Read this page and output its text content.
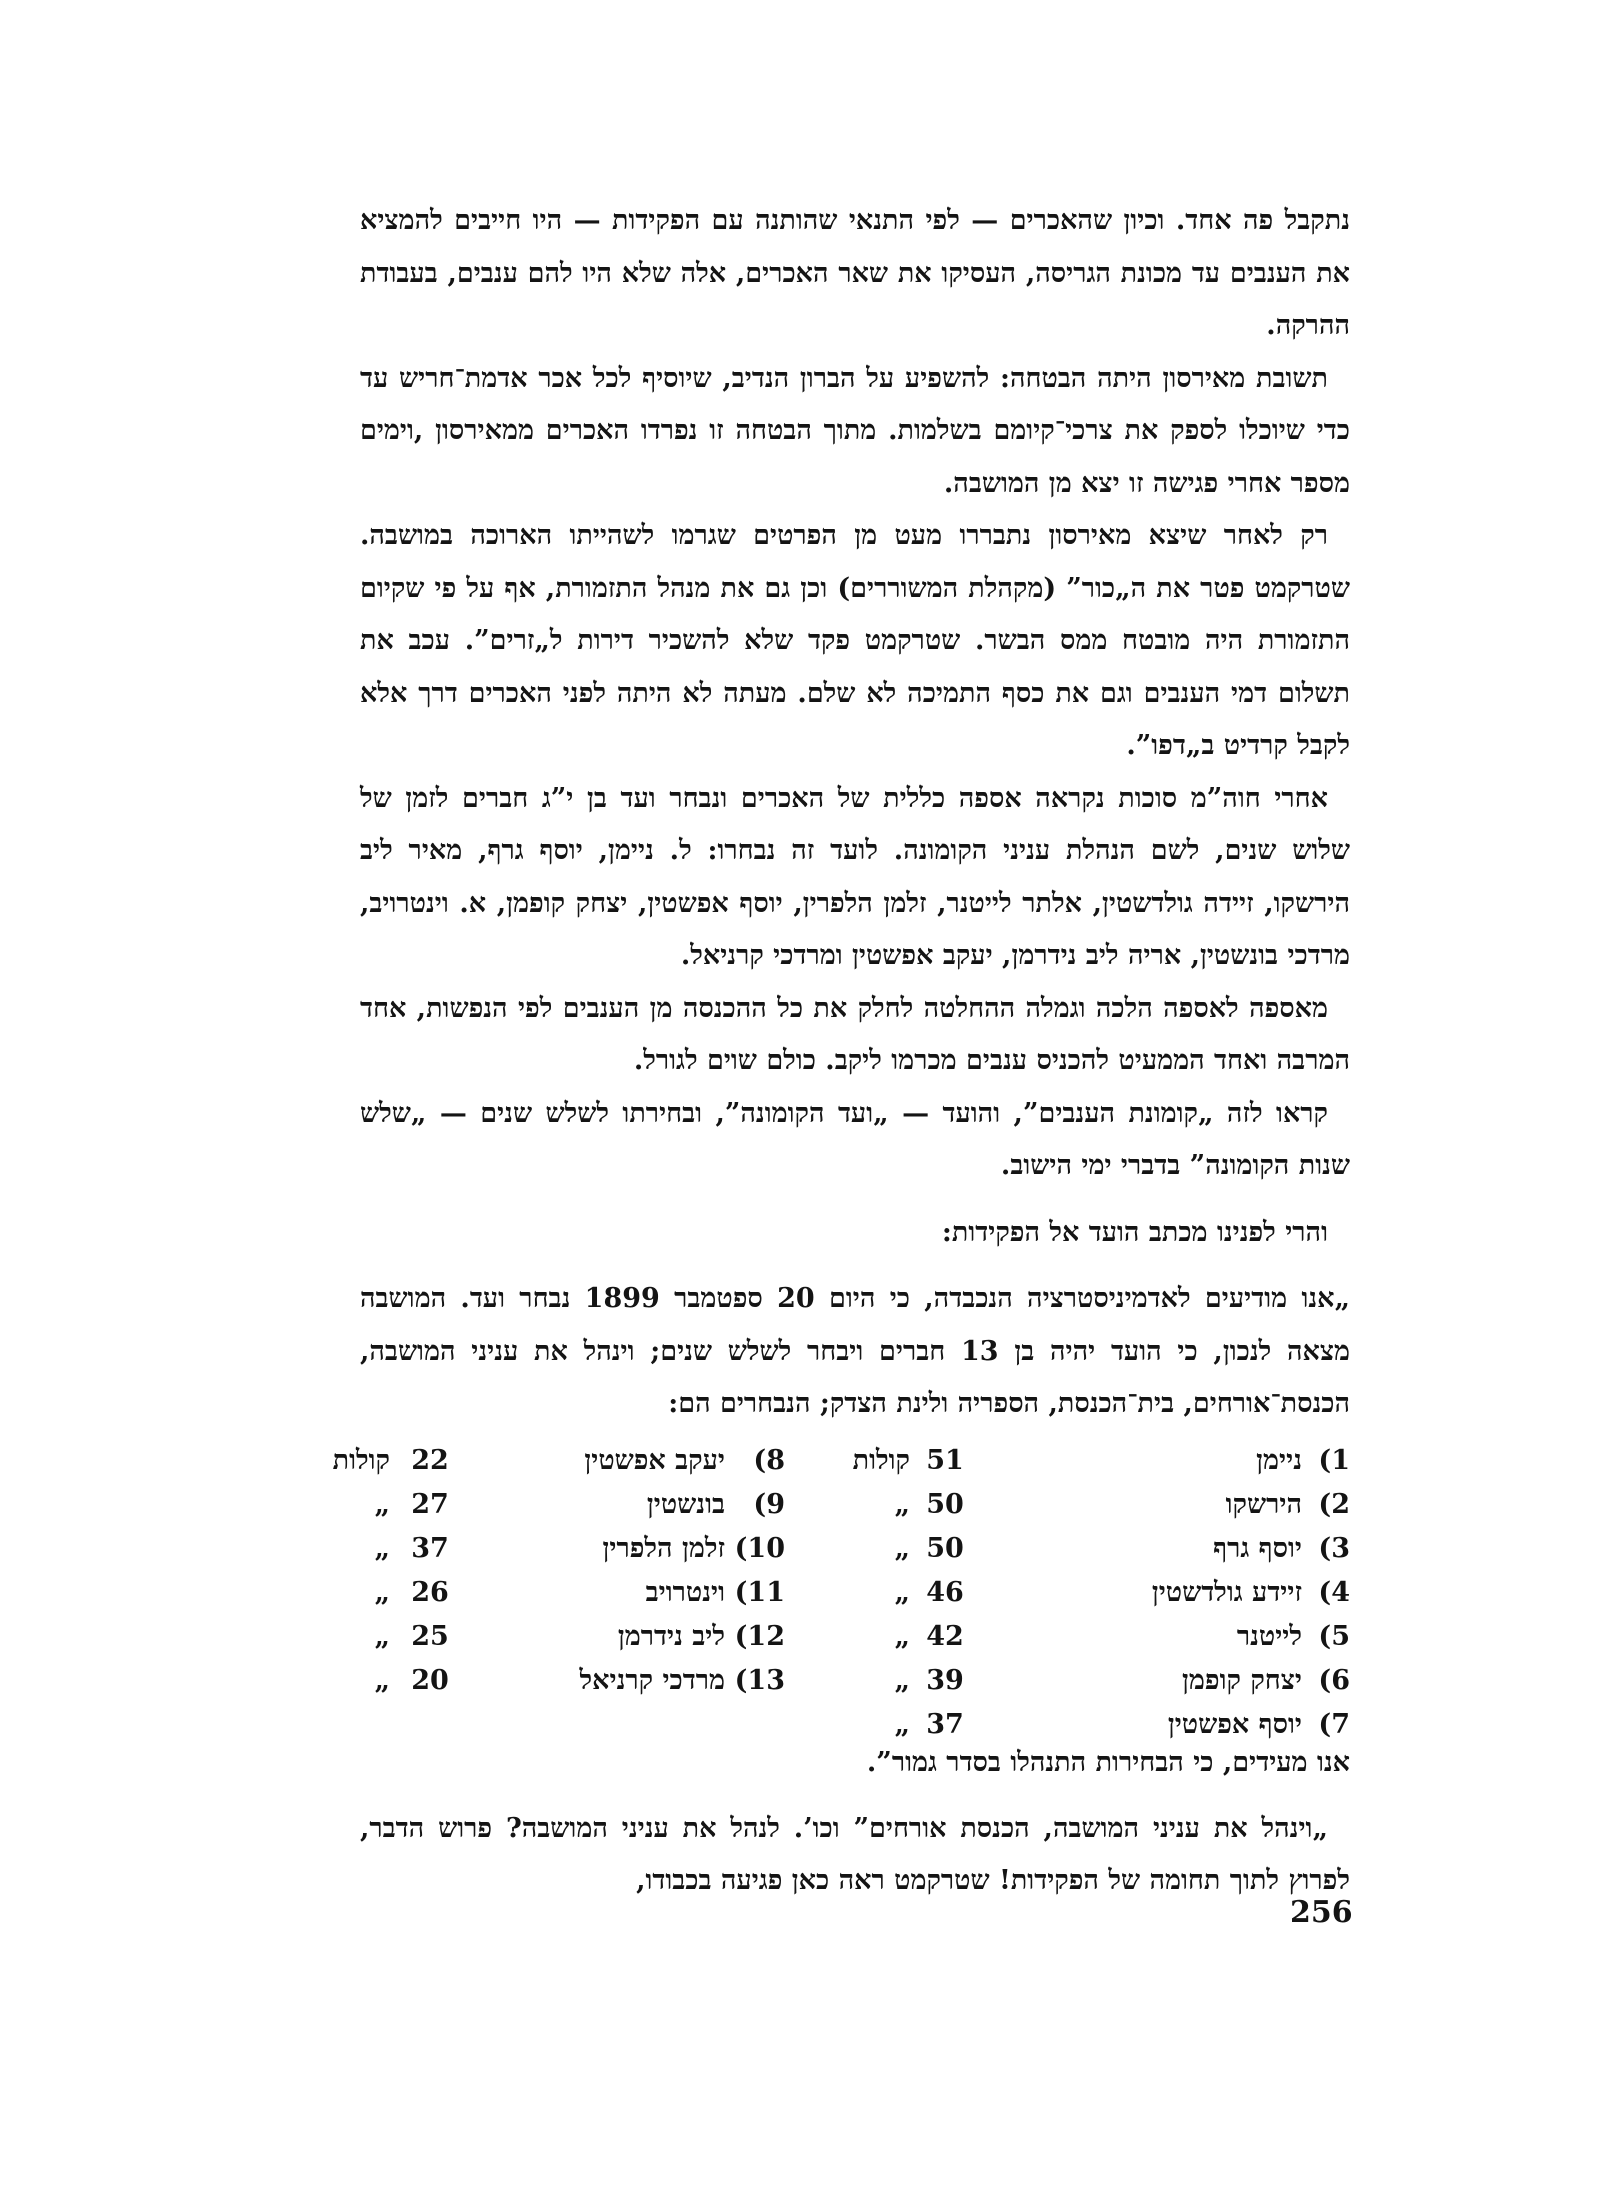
נתקבל פה אחד. וכיון שהאכרים — לפי התנאי שהותנה עם הפקידות — היו חייבים להמציא את הענבים עד מכונת הגריסה, העסיקו את שאר האכרים, אלה שלא היו להם ענבים, בעבודת ההרקה.

תשובת מאירסון היתה הבטחה: להשפיע על הברון הנדיב, שיוסיף לכל אכר אדמת־חריש עד כדי שיוכלו לספק את צרכי־קיומם בשלמות. מתוך הבטחה זו נפרדו האכרים ממאירסון ,וימים מספר אחרי פגישה זו יצא מן המושבה.

רק לאחר שיצא מאירסון נתבררו מעט מן הפרטים שגרמו לשהייתו הארוכה במושבה. שטרקמט פטר את ה„כור” (מקהלת המשוררים) וכן גם את מנהל התזמורת, אף על פי שקיום התזמורת היה מובטח ממס הבשר. שטרקמט פקד שלא להשכיר דירות ל„זרים”. עכב את תשלום דמי הענבים וגם את כסף התמיכה לא שלם. מעתה לא היתה לפני האכרים דרך אלא לקבל קרדיט ב„דפו”.

אחרי חוה”מ סוכות נקראה אספה כללית של האכרים ונבחר ועד בן י”ג חברים לזמן של שלוש שנים, לשם הנהלת עניני הקומונה. לועד זה נבחרו: ל. ניימן, יוסף גרף, מאיר ליב הירשקו, זיידה גולדשטין, אלתר לייטנר, זלמן הלפרין, יוסף אפשטין, יצחק קופמן, א. וינטרויב, מרדכי בונשטין, אריה ליב נידרמן, יעקב אפשטין ומרדכי קרניאל.

מאספה לאספה הלכה וגמלה ההחלטה לחלק את כל ההכנסה מן הענבים לפי הנפשות, אחד המרבה ואחד הממעיט להכניס ענבים מכרמו ליקב. כולם שוים לגורל.

קראו לזה „קומונת הענבים”, והועד — „ועד הקומונה”, ובחירתו לשלש שנים — „שלש שנות הקומונה” בדברי ימי הישוב.

והרי לפנינו מכתב הועד אל הפקידות:

„אנו מודיעים לאדמיניסטרציה הנכבדה, כי היום 20 ספטמבר 1899 נבחר ועד. המושבה מצאה לנכון, כי הועד יהיה בן 13 חברים ויבחר לשלש שנים; וינהל את עניני המושבה, הכנסת־אורחים, בית־הכנסת, הספריה ולינת הצדק; הנבחרים הם:

1)
ניימן
51
קולות
8)
יעקב אפשטין
22
קולות
2)
הירשקו
50
„
9)
בונשטין
27
„
3)
יוסף גרף
50
„
10)
זלמן הלפרין
37
„
4)
זיידע גולדשטין
46
„
11)
וינטרויב
26
„
5)
לייטנר
42
„
12)
ליב נידרמן
25
„
6)
יצחק קופמן
39
„
13)
מרדכי קרניאל
20
„
7)
יוסף אפשטין
37
„

אנו מעידים, כי הבחירות התנהלו בסדר גמור”.

„וינהל את עניני המושבה, הכנסת אורחים” וכו’. לנהל את עניני המושבה? פרוש הדבר, לפרוץ לתוך תחומה של הפקידות! שטרקמט ראה כאן פגיעה בכבודו,

256
